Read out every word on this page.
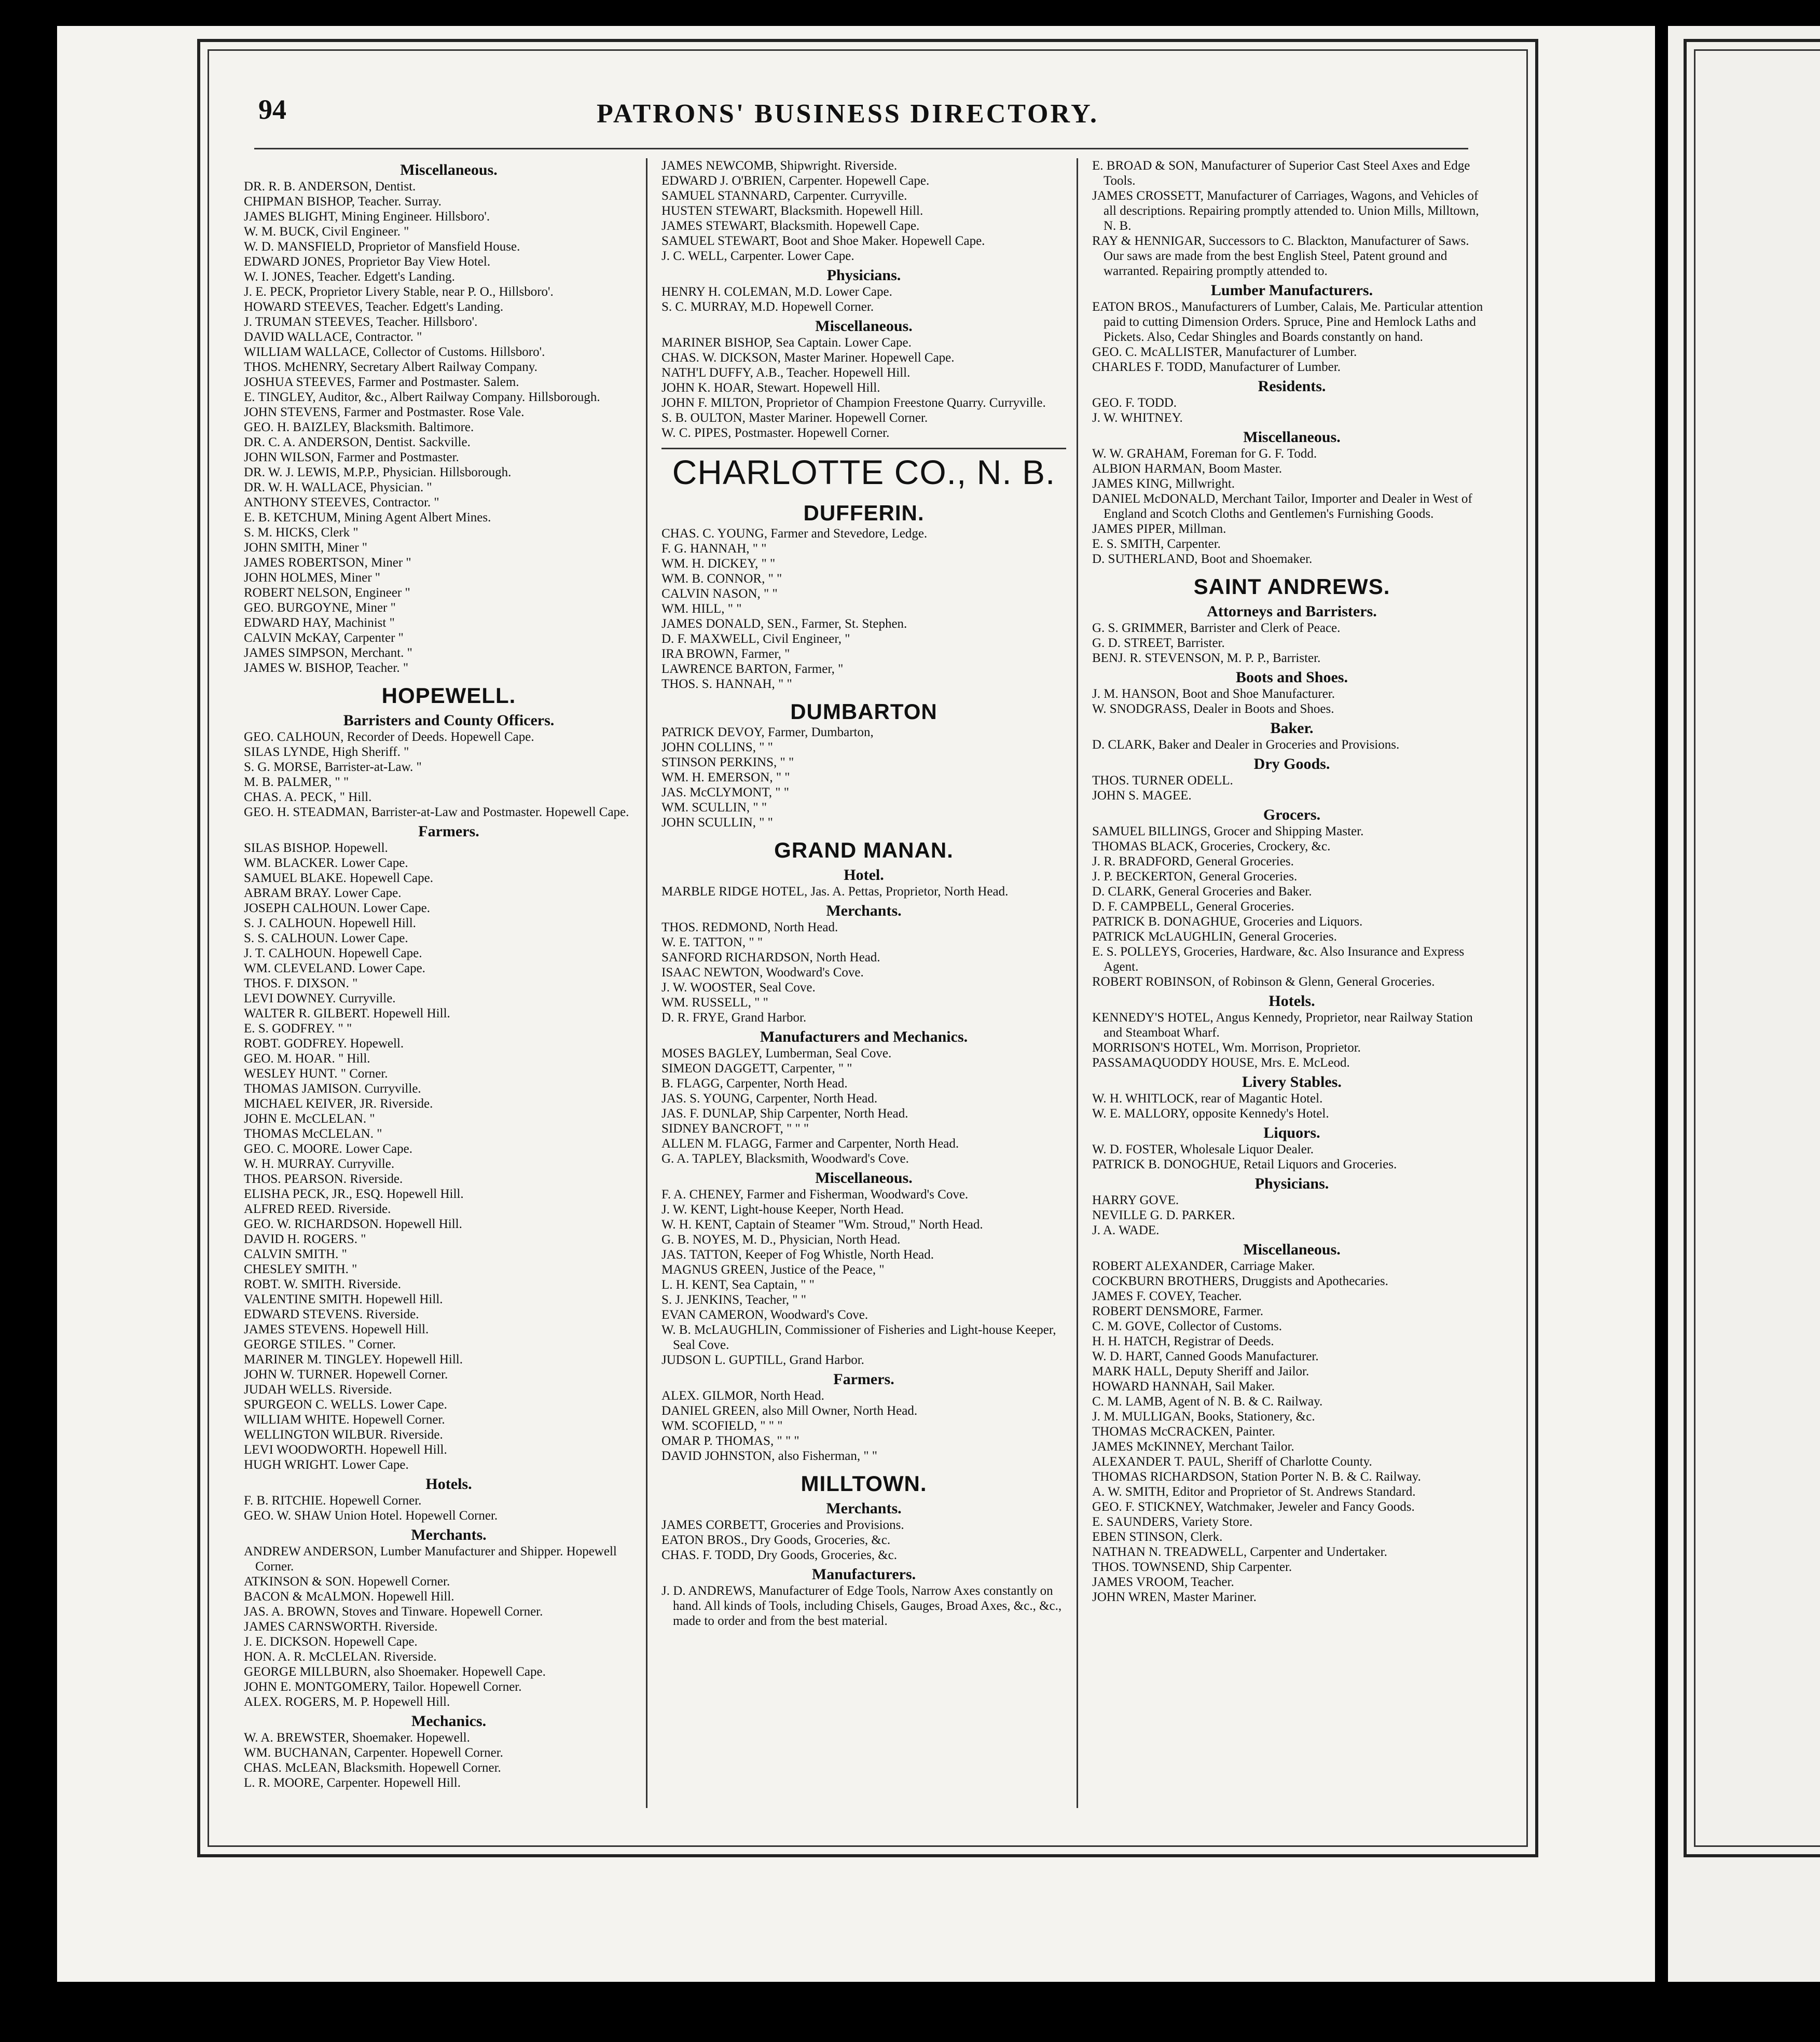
94	PATRONS' BUSINESS DIRECTORY.
Miscellaneous.
DR. R. B. ANDERSON, Dentist.
CHIPMAN BISHOP, Teacher. Surray.
JAMES BLIGHT, Mining Engineer. Hillsboro'.
W. M. BUCK, Civil Engineer. "
W. D. MANSFIELD, Proprietor of Mansfield House.
EDWARD JONES, Proprietor Bay View Hotel.
W. I. JONES, Teacher. Edgett's Landing.
J. E. PECK, Proprietor Livery Stable, near P. O., Hillsboro'.
HOWARD STEEVES, Teacher. Edgett's Landing.
J. TRUMAN STEEVES, Teacher. Hillsboro'.
DAVID WALLACE, Contractor. "
WILLIAM WALLACE, Collector of Customs. Hillsboro'.
THOS. McHENRY, Secretary Albert Railway Company.
JOSHUA STEEVES, Farmer and Postmaster. Salem.
E. TINGLEY, Auditor, &c., Albert Railway Company. Hillsborough.
JOHN STEVENS, Farmer and Postmaster. Rose Vale.
GEO. H. BAIZLEY, Blacksmith. Baltimore.
DR. C. A. ANDERSON, Dentist. Sackville.
JOHN WILSON, Farmer and Postmaster.
DR. W. J. LEWIS, M.P.P., Physician. Hillsborough.
DR. W. H. WALLACE, Physician. "
ANTHONY STEEVES, Contractor. "
E. B. KETCHUM, Mining Agent Albert Mines.
S. M. HICKS, Clerk "
JOHN SMITH, Miner "
JAMES ROBERTSON, Miner "
JOHN HOLMES, Miner "
ROBERT NELSON, Engineer "
GEO. BURGOYNE, Miner "
EDWARD HAY, Machinist "
CALVIN McKAY, Carpenter "
JAMES SIMPSON, Merchant. "
JAMES W. BISHOP, Teacher. "
HOPEWELL.
Barristers and County Officers.
GEO. CALHOUN, Recorder of Deeds. Hopewell Cape.
SILAS LYNDE, High Sheriff. "
S. G. MORSE, Barrister-at-Law. "
M. B. PALMER, " "
CHAS. A. PECK, " Hill.
GEO. H. STEADMAN, Barrister-at-Law and Postmaster. Hopewell Cape.
Farmers.
SILAS BISHOP. Hopewell.
WM. BLACKER. Lower Cape.
SAMUEL BLAKE. Hopewell Cape.
ABRAM BRAY. Lower Cape.
JOSEPH CALHOUN. Lower Cape.
S. J. CALHOUN. Hopewell Hill.
S. S. CALHOUN. Lower Cape.
J. T. CALHOUN. Hopewell Cape.
WM. CLEVELAND. Lower Cape.
THOS. F. DIXSON. "
LEVI DOWNEY. Curryville.
WALTER R. GILBERT. Hopewell Hill.
E. S. GODFREY. " "
ROBT. GODFREY. Hopewell.
GEO. M. HOAR. " Hill.
WESLEY HUNT. " Corner.
THOMAS JAMISON. Curryville.
MICHAEL KEIVER, JR. Riverside.
JOHN E. McCLELAN. "
THOMAS McCLELAN. "
GEO. C. MOORE. Lower Cape.
W. H. MURRAY. Curryville.
THOS. PEARSON. Riverside.
ELISHA PECK, JR., ESQ. Hopewell Hill.
ALFRED REED. Riverside.
GEO. W. RICHARDSON. Hopewell Hill.
DAVID H. ROGERS. "
CALVIN SMITH. "
CHESLEY SMITH. "
ROBT. W. SMITH. Riverside.
VALENTINE SMITH. Hopewell Hill.
EDWARD STEVENS. Riverside.
JAMES STEVENS. Hopewell Hill.
GEORGE STILES. " Corner.
MARINER M. TINGLEY. Hopewell Hill.
JOHN W. TURNER. Hopewell Corner.
JUDAH WELLS. Riverside.
SPURGEON C. WELLS. Lower Cape.
WILLIAM WHITE. Hopewell Corner.
WELLINGTON WILBUR. Riverside.
LEVI WOODWORTH. Hopewell Hill.
HUGH WRIGHT. Lower Cape.
Hotels.
F. B. RITCHIE. Hopewell Corner.
GEO. W. SHAW Union Hotel. Hopewell Corner.
Merchants.
ANDREW ANDERSON, Lumber Manufacturer and Shipper. Hopewell Corner.
ATKINSON & SON. Hopewell Corner.
BACON & McALMON. Hopewell Hill.
JAS. A. BROWN, Stoves and Tinware. Hopewell Corner.
JAMES CARNSWORTH. Riverside.
J. E. DICKSON. Hopewell Cape.
HON. A. R. McCLELAN. Riverside.
GEORGE MILLBURN, also Shoemaker. Hopewell Cape.
JOHN E. MONTGOMERY, Tailor. Hopewell Corner.
ALEX. ROGERS, M. P. Hopewell Hill.
Mechanics.
W. A. BREWSTER, Shoemaker. Hopewell.
WM. BUCHANAN, Carpenter. Hopewell Corner.
CHAS. McLEAN, Blacksmith. Hopewell Corner.
L. R. MOORE, Carpenter. Hopewell Hill.
JAMES NEWCOMB, Shipwright. Riverside.
EDWARD J. O'BRIEN, Carpenter. Hopewell Cape.
SAMUEL STANNARD, Carpenter. Curryville.
HUSTEN STEWART, Blacksmith. Hopewell Hill.
JAMES STEWART, Blacksmith. Hopewell Cape.
SAMUEL STEWART, Boot and Shoe Maker. Hopewell Cape.
J. C. WELL, Carpenter. Lower Cape.
Physicians.
HENRY H. COLEMAN, M.D. Lower Cape.
S. C. MURRAY, M.D. Hopewell Corner.
Miscellaneous.
MARINER BISHOP, Sea Captain. Lower Cape.
CHAS. W. DICKSON, Master Mariner. Hopewell Cape.
NATH'L DUFFY, A.B., Teacher. Hopewell Hill.
JOHN K. HOAR, Stewart. Hopewell Hill.
JOHN F. MILTON, Proprietor of Champion Freestone Quarry. Curryville.
S. B. OULTON, Master Mariner. Hopewell Corner.
W. C. PIPES, Postmaster. Hopewell Corner.
CHARLOTTE CO., N. B.
DUFFERIN.
CHAS. C. YOUNG, Farmer and Stevedore, Ledge.
F. G. HANNAH, " "
WM. H. DICKEY, " "
WM. B. CONNOR, " "
CALVIN NASON, " "
WM. HILL, " "
JAMES DONALD, SEN., Farmer, St. Stephen.
D. F. MAXWELL, Civil Engineer, "
IRA BROWN, Farmer, "
LAWRENCE BARTON, Farmer, "
THOS. S. HANNAH, " "
DUMBARTON
PATRICK DEVOY, Farmer, Dumbarton,
JOHN COLLINS, " "
STINSON PERKINS, " "
WM. H. EMERSON, " "
JAS. McCLYMONT, " "
WM. SCULLIN, " "
JOHN SCULLIN, " "
GRAND MANAN.
Hotel.
MARBLE RIDGE HOTEL, Jas. A. Pettas, Proprietor, North Head.
Merchants.
THOS. REDMOND, North Head.
W. E. TATTON, " "
SANFORD RICHARDSON, North Head.
ISAAC NEWTON, Woodward's Cove.
J. W. WOOSTER, Seal Cove.
WM. RUSSELL, " "
D. R. FRYE, Grand Harbor.
Manufacturers and Mechanics.
MOSES BAGLEY, Lumberman, Seal Cove.
SIMEON DAGGETT, Carpenter, " "
B. FLAGG, Carpenter, North Head.
JAS. S. YOUNG, Carpenter, North Head.
JAS. F. DUNLAP, Ship Carpenter, North Head.
SIDNEY BANCROFT, " " "
ALLEN M. FLAGG, Farmer and Carpenter, North Head.
G. A. TAPLEY, Blacksmith, Woodward's Cove.
Miscellaneous.
F. A. CHENEY, Farmer and Fisherman, Woodward's Cove.
J. W. KENT, Light-house Keeper, North Head.
W. H. KENT, Captain of Steamer "Wm. Stroud," North Head.
G. B. NOYES, M. D., Physician, North Head.
JAS. TATTON, Keeper of Fog Whistle, North Head.
MAGNUS GREEN, Justice of the Peace, "
L. H. KENT, Sea Captain, " "
S. J. JENKINS, Teacher, " "
EVAN CAMERON, Woodward's Cove.
W. B. McLAUGHLIN, Commissioner of Fisheries and Light-house Keeper, Seal Cove.
JUDSON L. GUPTILL, Grand Harbor.
Farmers.
ALEX. GILMOR, North Head.
DANIEL GREEN, also Mill Owner, North Head.
WM. SCOFIELD, " " "
OMAR P. THOMAS, " " "
DAVID JOHNSTON, also Fisherman, " "
MILLTOWN.
Merchants.
JAMES CORBETT, Groceries and Provisions.
EATON BROS., Dry Goods, Groceries, &c.
CHAS. F. TODD, Dry Goods, Groceries, &c.
Manufacturers.
J. D. ANDREWS, Manufacturer of Edge Tools, Narrow Axes constantly on hand. All kinds of Tools, including Chisels, Gauges, Broad Axes, &c., &c., made to order and from the best material.
E. BROAD & SON, Manufacturer of Superior Cast Steel Axes and Edge Tools.
JAMES CROSSETT, Manufacturer of Carriages, Wagons, and Vehicles of all descriptions. Repairing promptly attended to. Union Mills, Milltown, N. B.
RAY & HENNIGAR, Successors to C. Blackton, Manufacturer of Saws. Our saws are made from the best English Steel, Patent ground and warranted. Repairing promptly attended to.
Lumber Manufacturers.
EATON BROS., Manufacturers of Lumber, Calais, Me. Particular attention paid to cutting Dimension Orders. Spruce, Pine and Hemlock Laths and Pickets. Also, Cedar Shingles and Boards constantly on hand.
GEO. C. McALLISTER, Manufacturer of Lumber.
CHARLES F. TODD, Manufacturer of Lumber.
Residents.
GEO. F. TODD.
J. W. WHITNEY.
Miscellaneous.
W. W. GRAHAM, Foreman for G. F. Todd.
ALBION HARMAN, Boom Master.
JAMES KING, Millwright.
DANIEL McDONALD, Merchant Tailor, Importer and Dealer in West of England and Scotch Cloths and Gentlemen's Furnishing Goods.
JAMES PIPER, Millman.
E. S. SMITH, Carpenter.
D. SUTHERLAND, Boot and Shoemaker.
SAINT ANDREWS.
Attorneys and Barristers.
G. S. GRIMMER, Barrister and Clerk of Peace.
G. D. STREET, Barrister.
BENJ. R. STEVENSON, M. P. P., Barrister.
Boots and Shoes.
J. M. HANSON, Boot and Shoe Manufacturer.
W. SNODGRASS, Dealer in Boots and Shoes.
Baker.
D. CLARK, Baker and Dealer in Groceries and Provisions.
Dry Goods.
THOS. TURNER ODELL.
JOHN S. MAGEE.
Grocers.
SAMUEL BILLINGS, Grocer and Shipping Master.
THOMAS BLACK, Groceries, Crockery, &c.
J. R. BRADFORD, General Groceries.
J. P. BECKERTON, General Groceries.
D. CLARK, General Groceries and Baker.
D. F. CAMPBELL, General Groceries.
PATRICK B. DONAGHUE, Groceries and Liquors.
PATRICK McLAUGHLIN, General Groceries.
E. S. POLLEYS, Groceries, Hardware, &c. Also Insurance and Express Agent.
ROBERT ROBINSON, of Robinson & Glenn, General Groceries.
Hotels.
KENNEDY'S HOTEL, Angus Kennedy, Proprietor, near Railway Station and Steamboat Wharf.
MORRISON'S HOTEL, Wm. Morrison, Proprietor.
PASSAMAQUODDY HOUSE, Mrs. E. McLeod.
Livery Stables.
W. H. WHITLOCK, rear of Magantic Hotel.
W. E. MALLORY, opposite Kennedy's Hotel.
Liquors.
W. D. FOSTER, Wholesale Liquor Dealer.
PATRICK B. DONOGHUE, Retail Liquors and Groceries.
Physicians.
HARRY GOVE.
NEVILLE G. D. PARKER.
J. A. WADE.
Miscellaneous.
ROBERT ALEXANDER, Carriage Maker.
COCKBURN BROTHERS, Druggists and Apothecaries.
JAMES F. COVEY, Teacher.
ROBERT DENSMORE, Farmer.
C. M. GOVE, Collector of Customs.
H. H. HATCH, Registrar of Deeds.
W. D. HART, Canned Goods Manufacturer.
MARK HALL, Deputy Sheriff and Jailor.
HOWARD HANNAH, Sail Maker.
C. M. LAMB, Agent of N. B. & C. Railway.
J. M. MULLIGAN, Books, Stationery, &c.
THOMAS McCRACKEN, Painter.
JAMES McKINNEY, Merchant Tailor.
ALEXANDER T. PAUL, Sheriff of Charlotte County.
THOMAS RICHARDSON, Station Porter N. B. & C. Railway.
A. W. SMITH, Editor and Proprietor of St. Andrews Standard.
GEO. F. STICKNEY, Watchmaker, Jeweler and Fancy Goods.
E. SAUNDERS, Variety Store.
EBEN STINSON, Clerk.
NATHAN N. TREADWELL, Carpenter and Undertaker.
THOS. TOWNSEND, Ship Carpenter.
JAMES VROOM, Teacher.
JOHN WREN, Master Mariner.
